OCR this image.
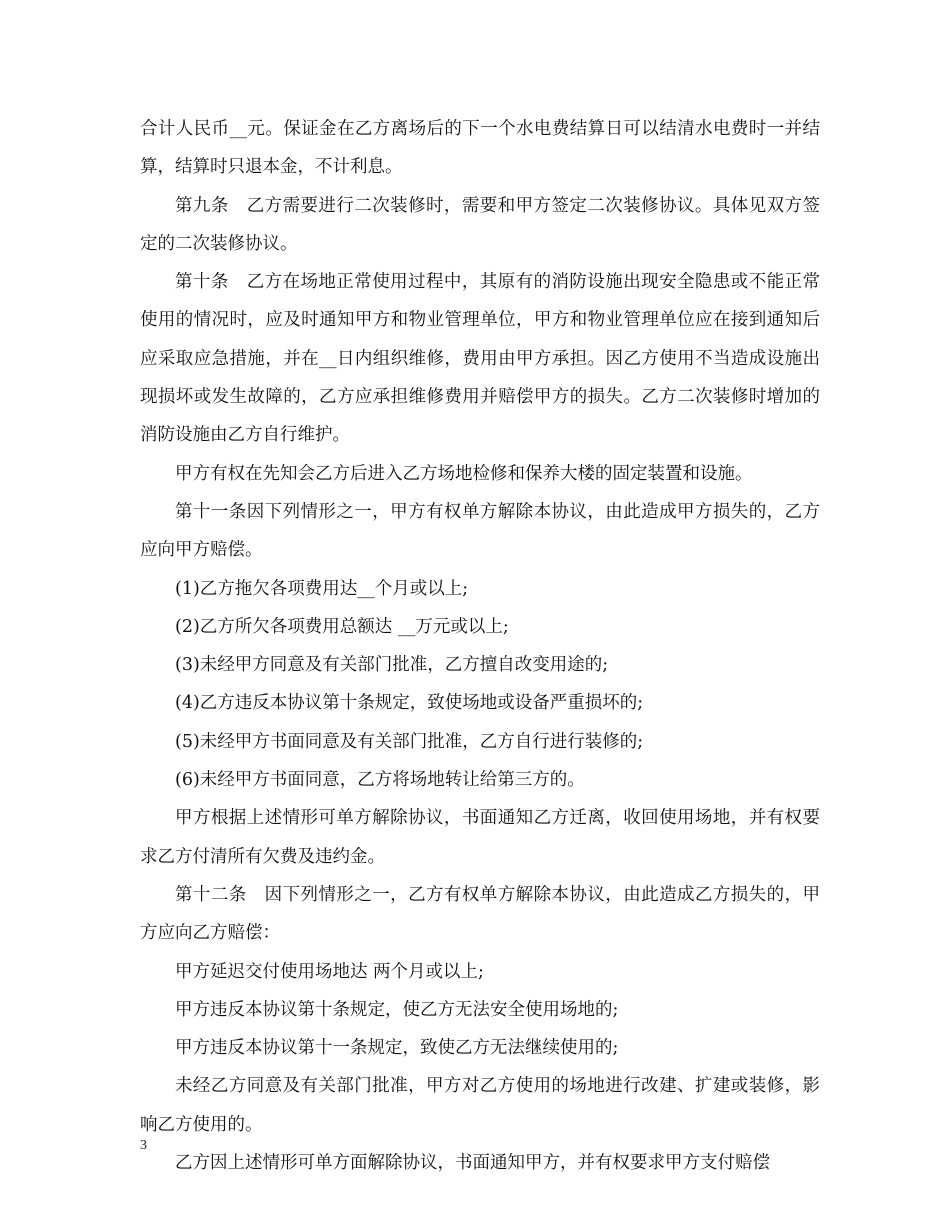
合计人民币__元。保证金在乙方离场后的下一个水电费结算日可以结清水电费时一并结算，结算时只退本金，不计利息。

第九条　乙方需要进行二次装修时，需要和甲方签定二次装修协议。具体见双方签定的二次装修协议。

第十条　乙方在场地正常使用过程中，其原有的消防设施出现安全隐患或不能正常使用的情况时，应及时通知甲方和物业管理单位，甲方和物业管理单位应在接到通知后应采取应急措施，并在__日内组织维修，费用由甲方承担。因乙方使用不当造成设施出现损坏或发生故障的，乙方应承担维修费用并赔偿甲方的损失。乙方二次装修时增加的消防设施由乙方自行维护。

甲方有权在先知会乙方后进入乙方场地检修和保养大楼的固定装置和设施。

第十一条因下列情形之一，甲方有权单方解除本协议，由此造成甲方损失的，乙方应向甲方赔偿。

(1)乙方拖欠各项费用达__个月或以上;

(2)乙方所欠各项费用总额达 __万元或以上;

(3)未经甲方同意及有关部门批准，乙方擅自改变用途的;

(4)乙方违反本协议第十条规定，致使场地或设备严重损坏的;

(5)未经甲方书面同意及有关部门批准，乙方自行进行装修的;

(6)未经甲方书面同意，乙方将场地转让给第三方的。

甲方根据上述情形可单方解除协议，书面通知乙方迁离，收回使用场地，并有权要求乙方付清所有欠费及违约金。

第十二条　因下列情形之一，乙方有权单方解除本协议，由此造成乙方损失的，甲方应向乙方赔偿：

甲方延迟交付使用场地达 两个月或以上;

甲方违反本协议第十条规定，使乙方无法安全使用场地的;

甲方违反本协议第十一条规定，致使乙方无法继续使用的;

未经乙方同意及有关部门批准，甲方对乙方使用的场地进行改建、扩建或装修，影响乙方使用的。

乙方因上述情形可单方面解除协议，书面通知甲方，并有权要求甲方支付赔偿

3
